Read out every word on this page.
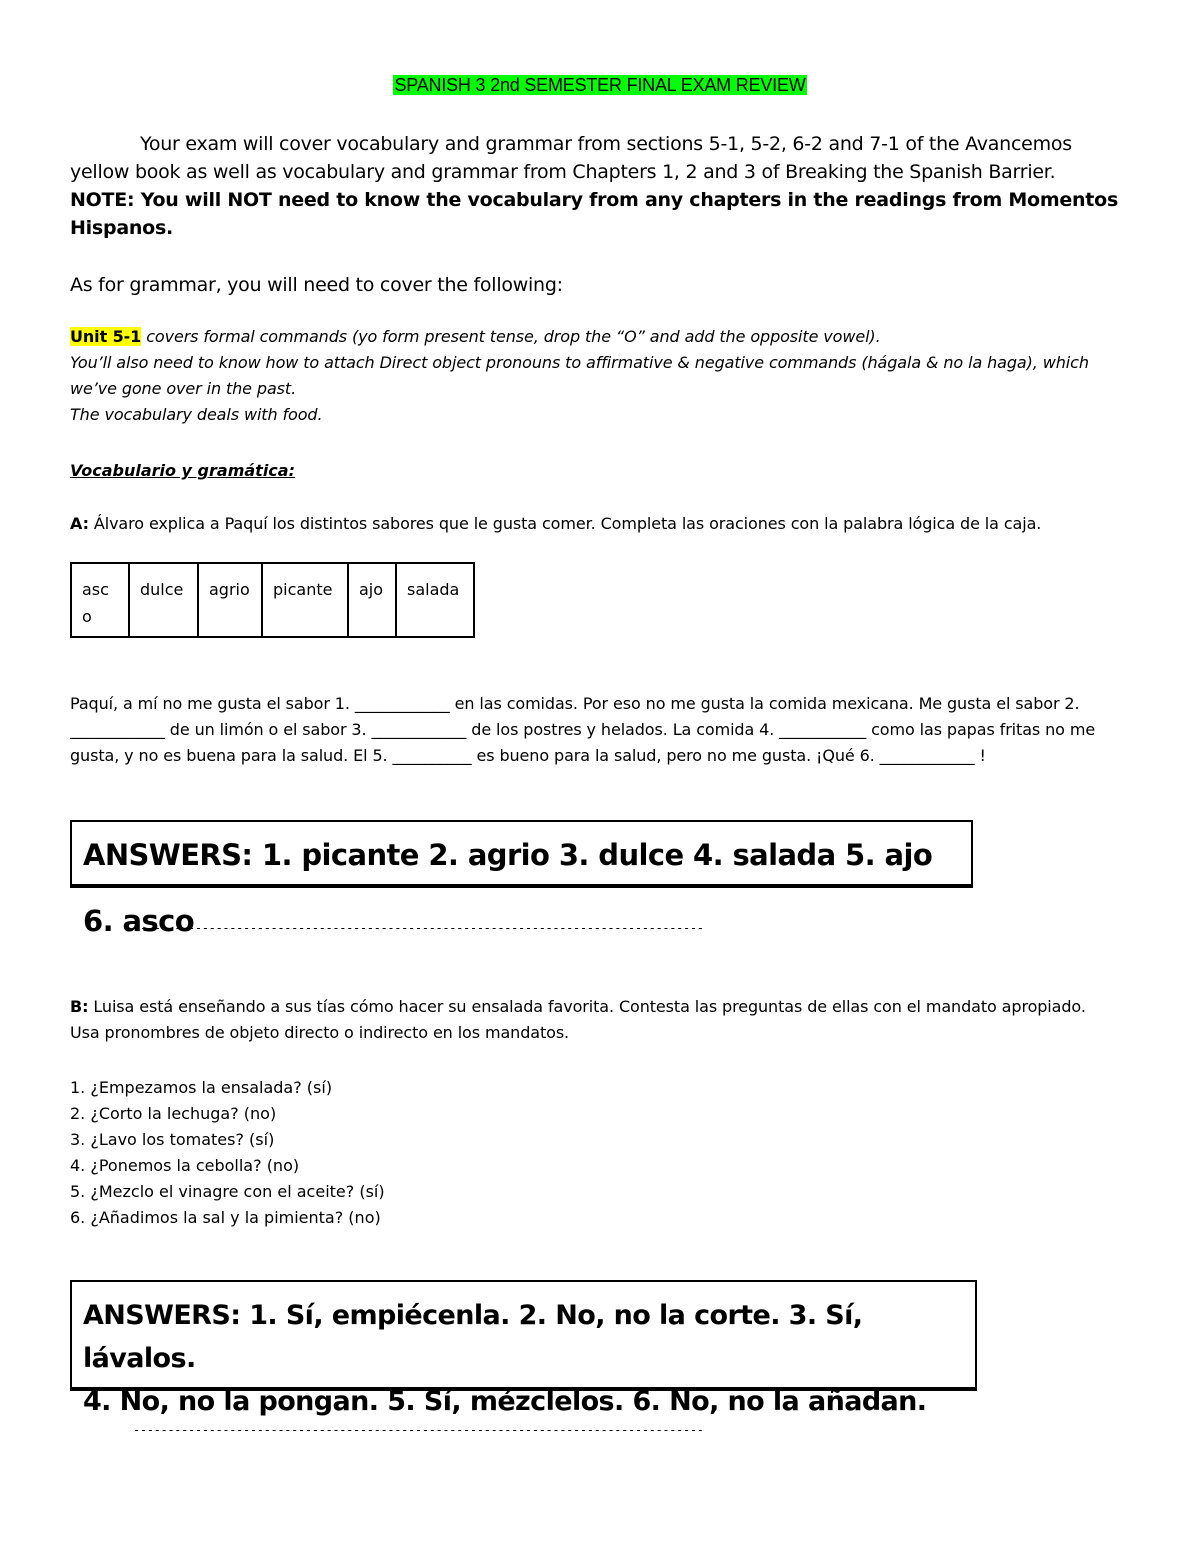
SPANISH 3 2nd SEMESTER FINAL EXAM REVIEW

Your exam will cover vocabulary and grammar from sections 5-1, 5-2, 6-2 and 7-1 of the Avancemos yellow book as well as vocabulary and grammar from Chapters 1, 2 and 3 of Breaking the Spanish Barrier.

NOTE: You will NOT need to know the vocabulary from any chapters in the readings from Momentos Hispanos.

As for grammar, you will need to cover the following:

Unit 5-1 covers formal commands (yo form present tense, drop the “O” and add the opposite vowel).

You’ll also need to know how to attach Direct object pronouns to affirmative & negative commands (hágala & no la haga), which we’ve gone over in the past.

The vocabulary deals with food.

Vocabulario y gramática:

A: Álvaro explica a Paquí los distintos sabores que le gusta comer. Completa las oraciones con la palabra lógica de la caja.

asc o	dulce	agrio	picante	ajo	salada

Paquí, a mí no me gusta el sabor 1. ____________ en las comidas. Por eso no me gusta la comida mexicana. Me gusta el sabor 2. ____________ de un limón o el sabor 3. ____________ de los postres y helados. La comida 4. ___________ como las papas fritas no me gusta, y no es buena para la salud. El 5. __________ es bueno para la salud, pero no me gusta. ¡Qué 6. ____________ !

ANSWERS: 1. picante 2. agrio 3. dulce 4. salada 5. ajo 6. asco
-----------------------------------------------------------------------------------

B: Luisa está enseñando a sus tías cómo hacer su ensalada favorita. Contesta las preguntas de ellas con el mandato apropiado. Usa pronombres de objeto directo o indirecto en los mandatos.

1. ¿Empezamos la ensalada? (sí)
2. ¿Corto la lechuga? (no)
3. ¿Lavo los tomates? (sí)
4. ¿Ponemos la cebolla? (no)
5. ¿Mezclo el vinagre con el aceite? (sí)
6. ¿Añadimos la sal y la pimienta? (no)
ANSWERS: 1. Sí, empiécenla. 2. No, no la corte. 3. Sí, lávalos.
4. No, no la pongan. 5. Sí, mézclelos. 6. No, no la añadan.
-----------------------------------------------------------------------------------
